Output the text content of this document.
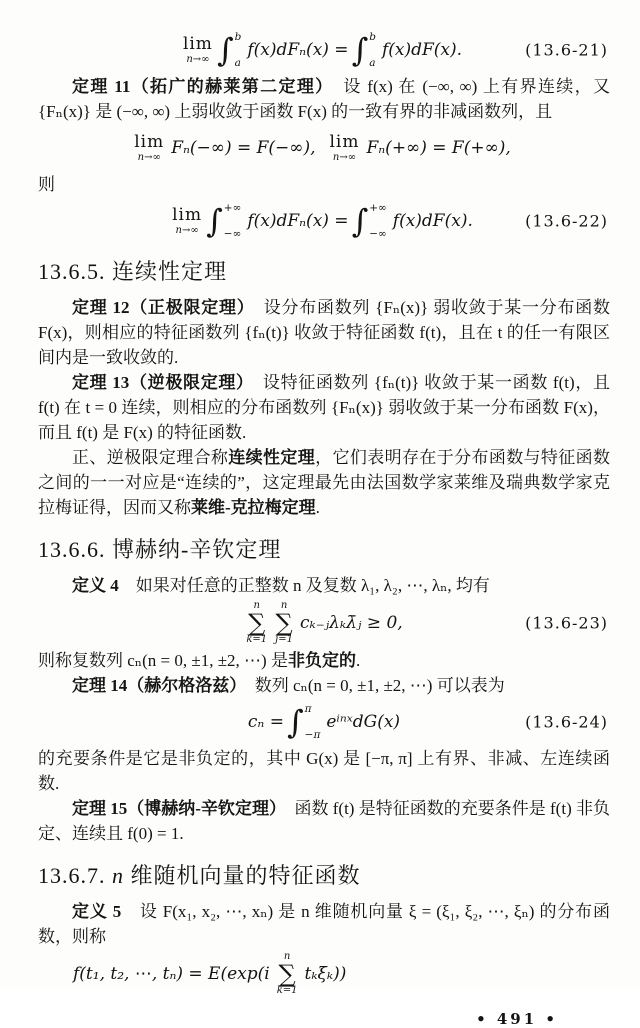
lim
n→∞ ∫ b
a
f(x)dFₙ(x) = ∫ b
a
f(x)dF(x).	(13.6-21)

定理 11（拓广的赫莱第二定理）　设 f(x) 在 (−∞, ∞) 上有界连续，又 {Fₙ(x)} 是 (−∞, ∞) 上弱收敛于函数 F(x) 的一致有界的非减函数列，且

lim
n→∞ Fₙ(−∞) = F(−∞), lim
n→∞ Fₙ(+∞) = F(+∞),

则

lim
n→∞ ∫ +∞
−∞
f(x)dFₙ(x) = ∫ +∞
−∞
f(x)dF(x).	(13.6-22)
13.6.5. 连续性定理

定理 12（正极限定理）　设分布函数列 {Fₙ(x)} 弱收敛于某一分布函数 F(x)，则相应的特征函数列 {fₙ(t)} 收敛于特征函数 f(t)，且在 t 的任一有限区间内是一致收敛的.

定理 13（逆极限定理）　设特征函数列 {fₙ(t)} 收敛于某一函数 f(t)，且 f(t) 在 t = 0 连续，则相应的分布函数列 {Fₙ(x)} 弱收敛于某一分布函数 F(x)，而且 f(t) 是 F(x) 的特征函数.

正、逆极限定理合称连续性定理，它们表明存在于分布函数与特征函数之间的一一对应是“连续的”，这定理最先由法国数学家莱维及瑞典数学家克拉梅证得，因而又称莱维-克拉梅定理.

13.6.6. 博赫纳-辛钦定理

定义 4　如果对任意的正整数 n 及复数 λ₁, λ₂, ⋯, λₙ, 均有

n
∑
k=1
n
∑
j=1
cₖ₋ⱼλₖλ̄ⱼ ≥ 0,	(13.6-23)

则称复数列 cₙ(n = 0, ±1, ±2, ⋯) 是非负定的.

定理 14（赫尔格洛兹）　数列 cₙ(n = 0, ±1, ±2, ⋯) 可以表为

cₙ = ∫ π
−π
eⁱⁿˣdG(x)	(13.6-24)

的充要条件是它是非负定的，其中 G(x) 是 [−π, π] 上有界、非减、左连续函数.

定理 15（博赫纳-辛钦定理）　函数 f(t) 是特征函数的充要条件是 f(t) 非负定、连续且 f(0) = 1.

13.6.7. n 维随机向量的特征函数

定义 5　设 F(x₁, x₂, ⋯, xₙ) 是 n 维随机向量 ξ = (ξ₁, ξ₂, ⋯, ξₙ) 的分布函数，则称

f(t₁, t₂, ⋯, tₙ) = E(exp(i
n
∑
k=1
tₖξₖ))
• 491 •
